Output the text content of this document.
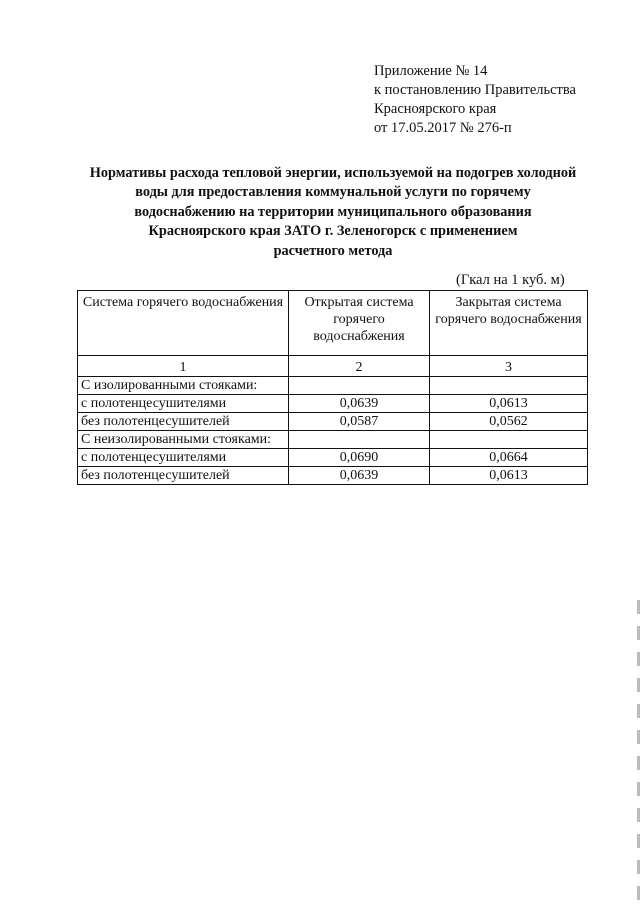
Приложение № 14
к постановлению Правительства
Красноярского края
от 17.05.2017 № 276-п
Нормативы расхода тепловой энергии, используемой на подогрев холодной
воды для предоставления коммунальной услуги по горячему
водоснабжению на территории муниципального образования
Красноярского края ЗАТО г. Зеленогорск с применением
расчетного метода
(Гкал на 1 куб. м)
Система горячего водоснабжения	Открытая система горячего водоснабжения	Закрытая система горячего водоснабжения
1	2	3
С изолированными стояками:		
с полотенцесушителями	0,0639	0,0613
без полотенцесушителей	0,0587	0,0562
С неизолированными стояками:		
с полотенцесушителями	0,0690	0,0664
без полотенцесушителей	0,0639	0,0613
